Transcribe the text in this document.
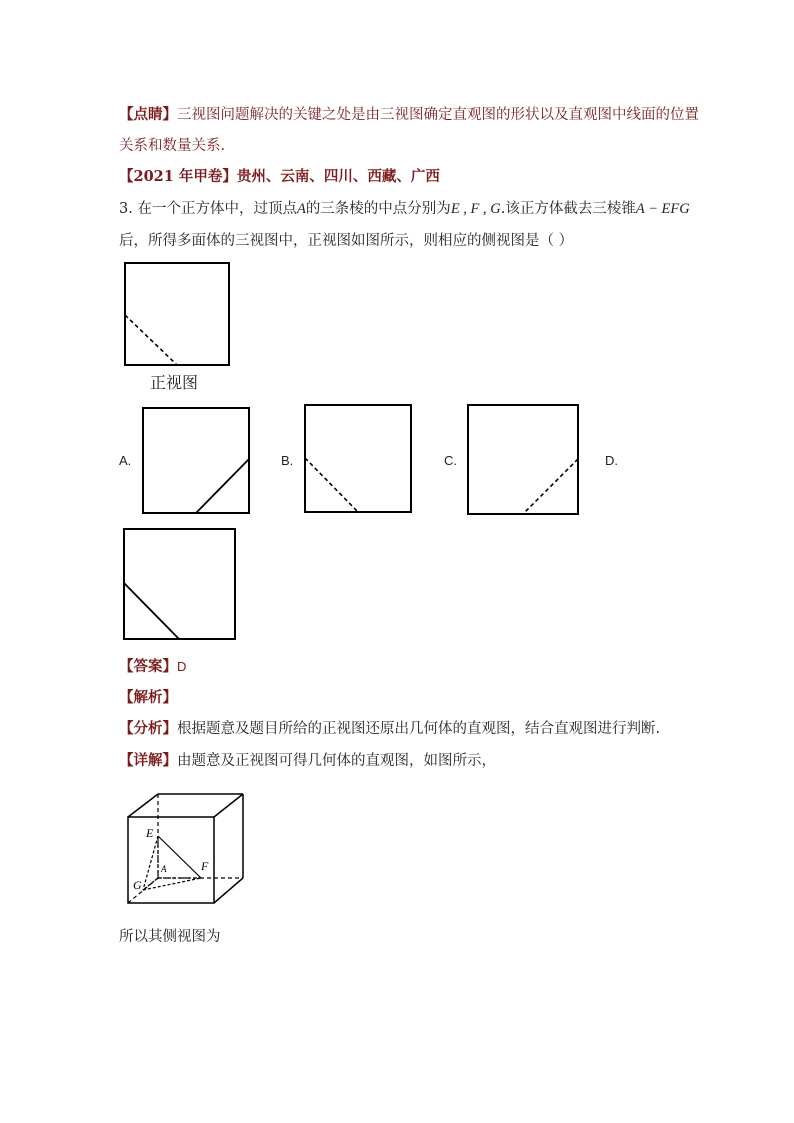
【点睛】三视图问题解决的关键之处是由三视图确定直观图的形状以及直观图中线面的位置
关系和数量关系.
【2021 年甲卷】贵州、云南、四川、西藏、广西
3. 在一个正方体中，过顶点A的三条棱的中点分别为E , F , G.该正方体截去三棱锥A − EFG
后，所得多面体的三视图中，正视图如图所示，则相应的侧视图是（ ）
正视图
A.	B.	C.	D.
【答案】D
【解析】
【分析】根据题意及题目所给的正视图还原出几何体的直观图，结合直观图进行判断.
【详解】由题意及正视图可得几何体的直观图，如图所示，
E
A	F
G
所以其侧视图为
